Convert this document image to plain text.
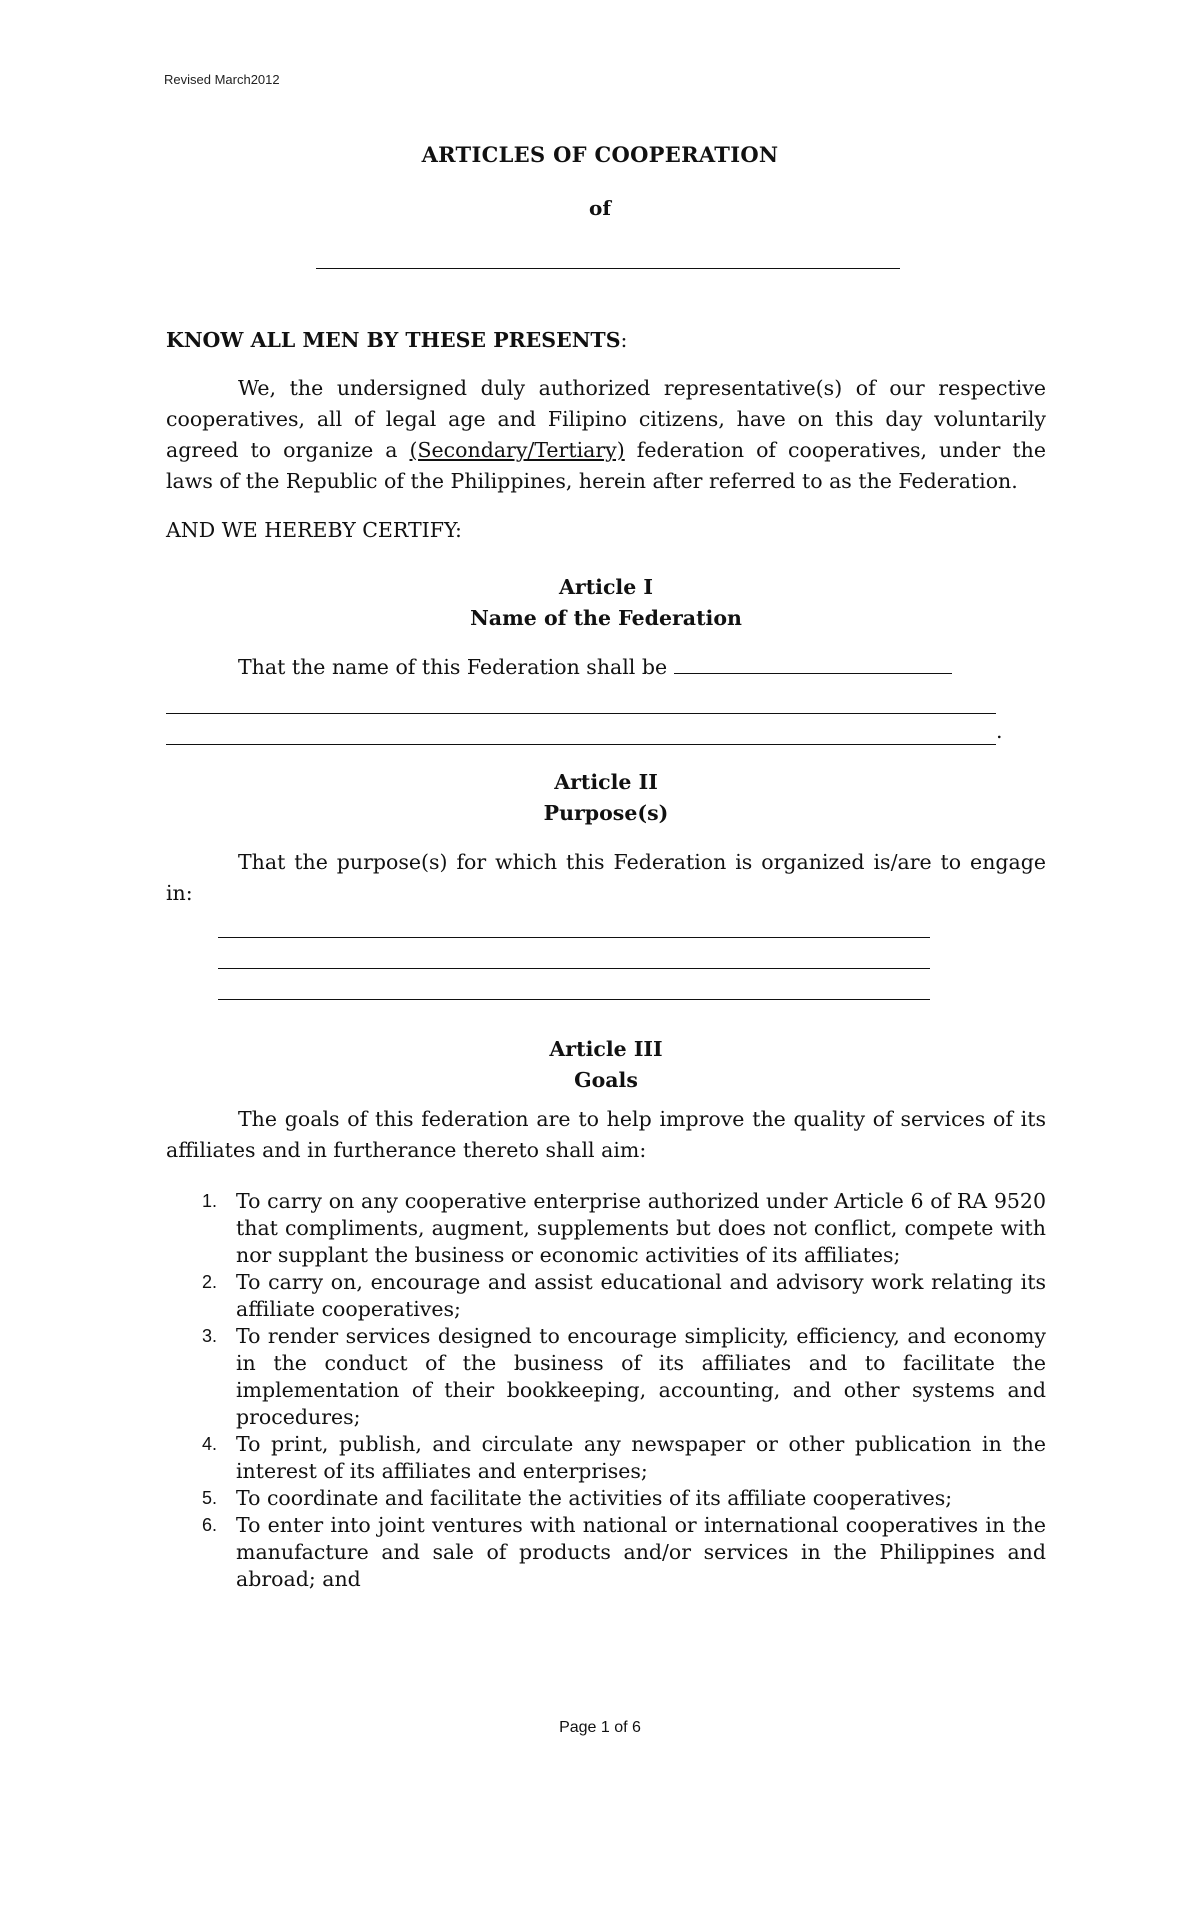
Revised March2012
ARTICLES OF COOPERATION
of

KNOW ALL MEN BY THESE PRESENTS:

We, the undersigned duly authorized representative(s) of our respective cooperatives, all of legal age and Filipino citizens, have on this day voluntarily agreed to organize a (Secondary/Tertiary) federation of cooperatives, under the laws of the Republic of the Philippines, herein after referred to as the Federation.

AND WE HEREBY CERTIFY:

Article I

Name of the Federation

That the name of this Federation shall be

.

Article II

Purpose(s)

That the purpose(s) for which this Federation is organized is/are to engage in:

Article III

Goals

The goals of this federation are to help improve the quality of services of its affiliates and in furtherance thereto shall aim:

1. To carry on any cooperative enterprise authorized under Article 6 of RA 9520 that compliments, augment, supplements but does not conflict, compete with nor supplant the business or economic activities of its affiliates;
2. To carry on, encourage and assist educational and advisory work relating its affiliate cooperatives;
3. To render services designed to encourage simplicity, efficiency, and economy in the conduct of the business of its affiliates and to facilitate the implementation of their bookkeeping, accounting, and other systems and procedures;
4. To print, publish, and circulate any newspaper or other publication in the interest of its affiliates and enterprises;
5. To coordinate and facilitate the activities of its affiliate cooperatives;
6. To enter into joint ventures with national or international cooperatives in the manufacture and sale of products and/or services in the Philippines and abroad; and
Page 1 of 6
